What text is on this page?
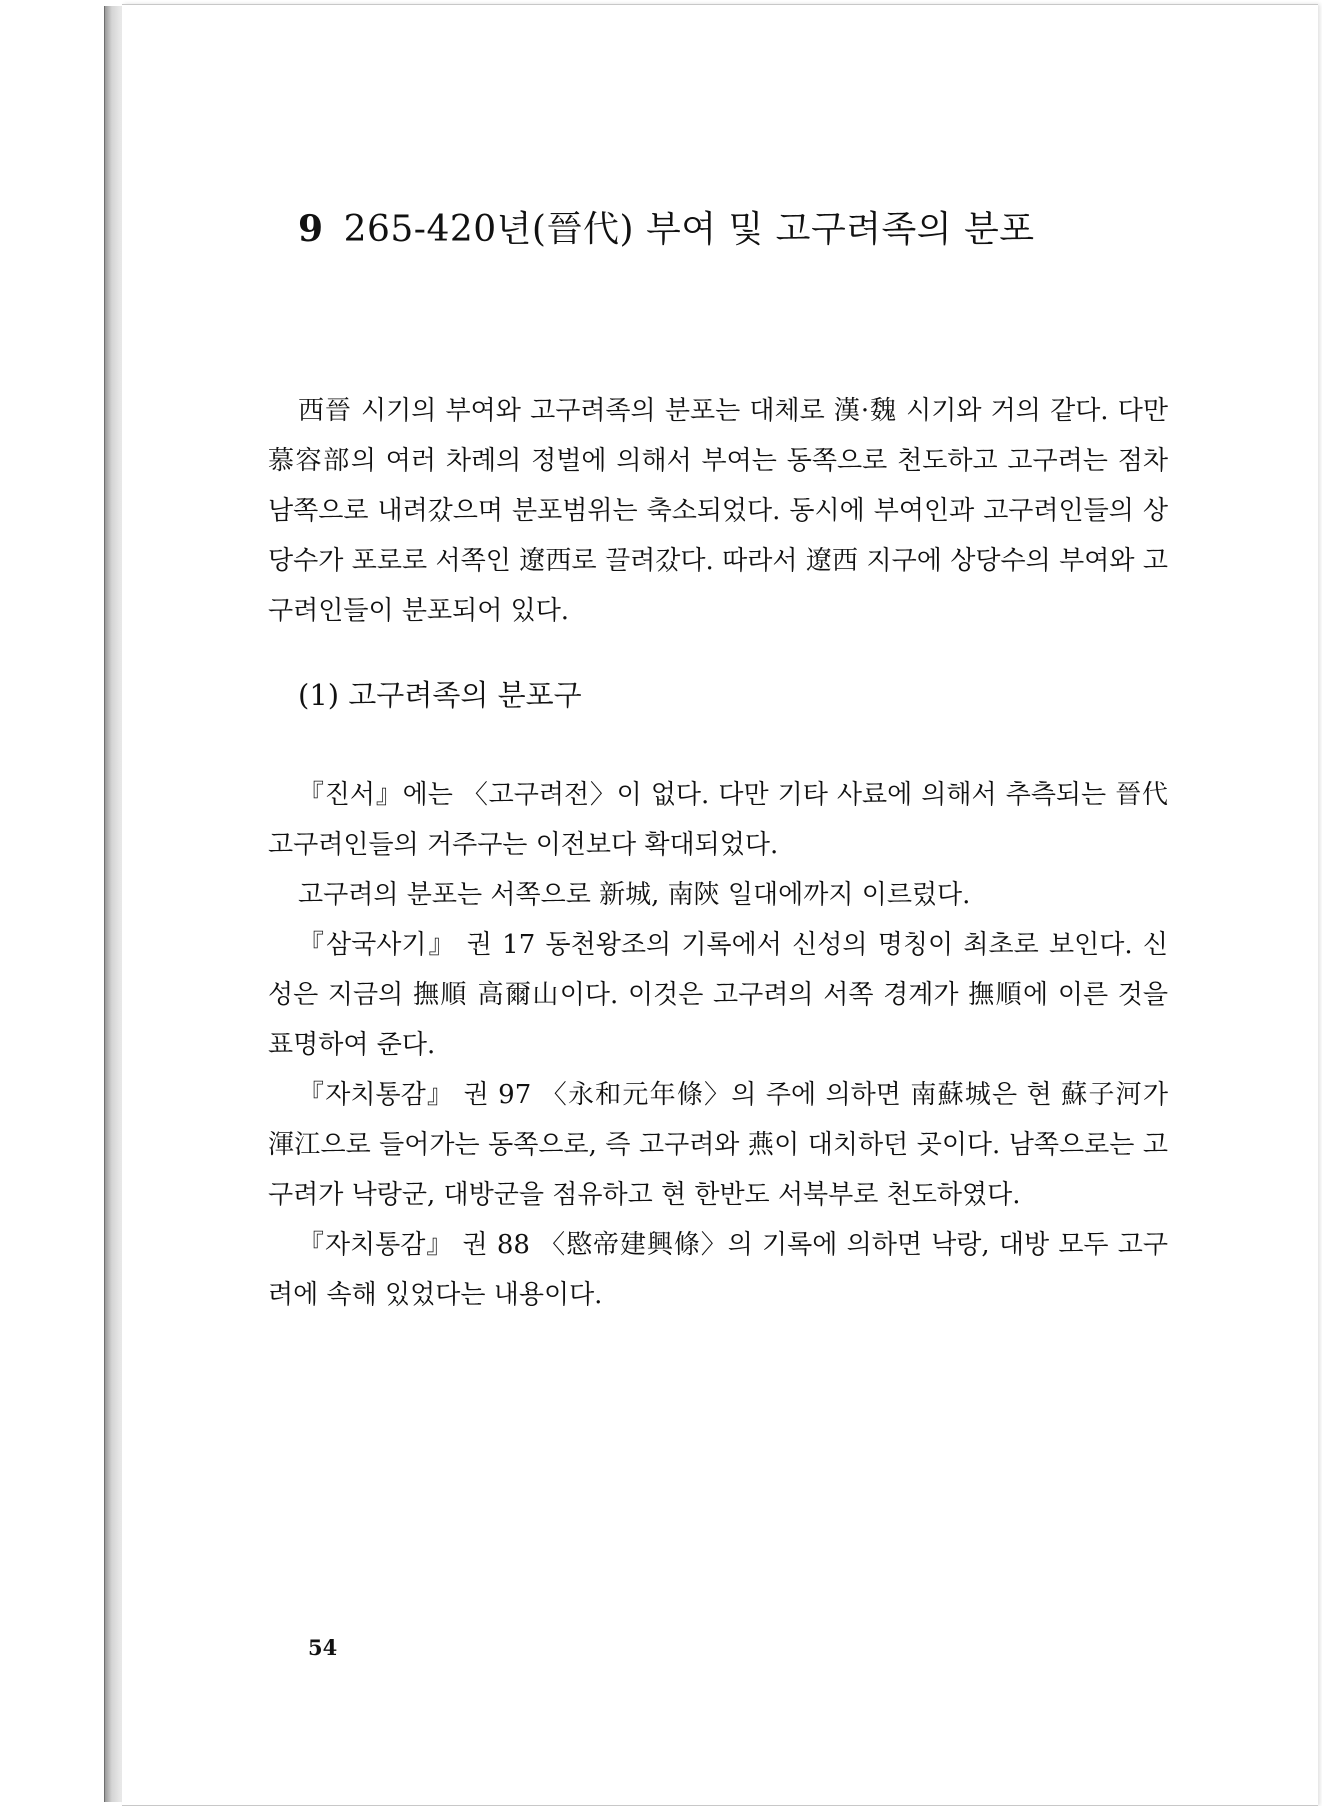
9 265-420년(晉代) 부여 및 고구려족의 분포

西晉 시기의 부여와 고구려족의 분포는 대체로 漢·魏 시기와 거의 같다. 다만 慕容部의 여러 차례의 정벌에 의해서 부여는 동쪽으로 천도하고 고구려는 점차 남쪽으로 내려갔으며 분포범위는 축소되었다. 동시에 부여인과 고구려인들의 상당수가 포로로 서쪽인 遼西로 끌려갔다. 따라서 遼西 지구에 상당수의 부여와 고구려인들이 분포되어 있다.

(1) 고구려족의 분포구

『진서』에는 〈고구려전〉이 없다. 다만 기타 사료에 의해서 추측되는 晉代 고구려인들의 거주구는 이전보다 확대되었다.

고구려의 분포는 서쪽으로 新城, 南陝 일대에까지 이르렀다.

『삼국사기』 권 17 동천왕조의 기록에서 신성의 명칭이 최초로 보인다. 신성은 지금의 撫順 高爾山이다. 이것은 고구려의 서쪽 경계가 撫順에 이른 것을 표명하여 준다.

『자치통감』 권 97 〈永和元年條〉의 주에 의하면 南蘇城은 현 蘇子河가 渾江으로 들어가는 동쪽으로, 즉 고구려와 燕이 대치하던 곳이다. 남쪽으로는 고구려가 낙랑군, 대방군을 점유하고 현 한반도 서북부로 천도하였다.

『자치통감』 권 88 〈愍帝建興條〉의 기록에 의하면 낙랑, 대방 모두 고구려에 속해 있었다는 내용이다.

54
